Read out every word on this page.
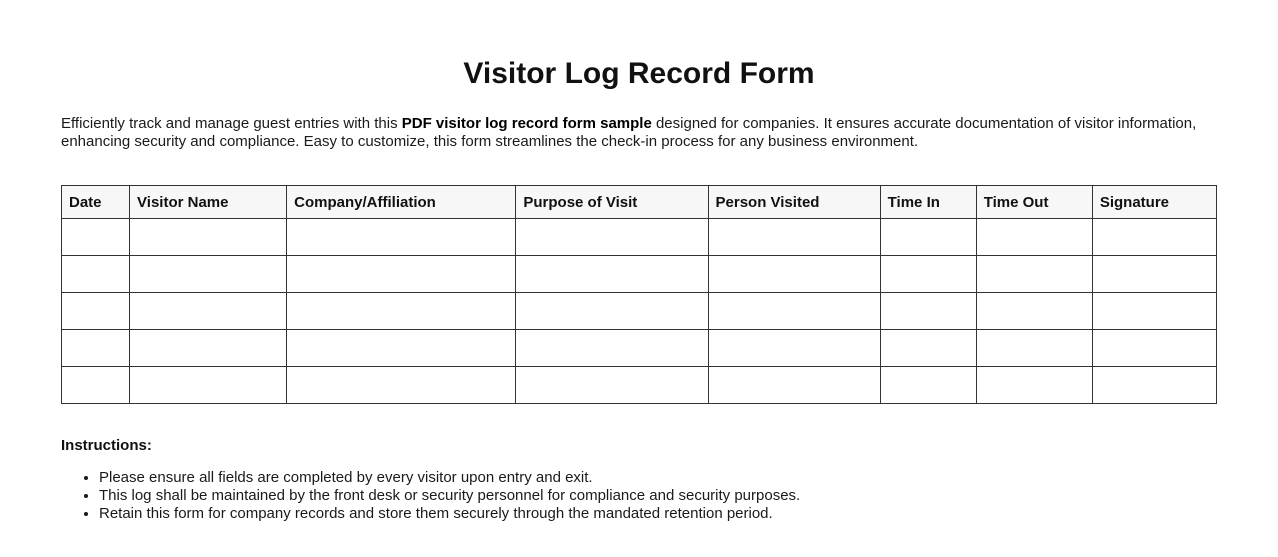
Visitor Log Record Form

Efficiently track and manage guest entries with this PDF visitor log record form sample designed for companies. It ensures accurate documentation of visitor information, enhancing security and compliance. Easy to customize, this form streamlines the check-in process for any business environment.

Date	Visitor Name	Company/Affiliation	Purpose of Visit	Person Visited	Time In	Time Out	Signature

Instructions:

• Please ensure all fields are completed by every visitor upon entry and exit.
• This log shall be maintained by the front desk or security personnel for compliance and security purposes.
• Retain this form for company records and store them securely through the mandated retention period.
